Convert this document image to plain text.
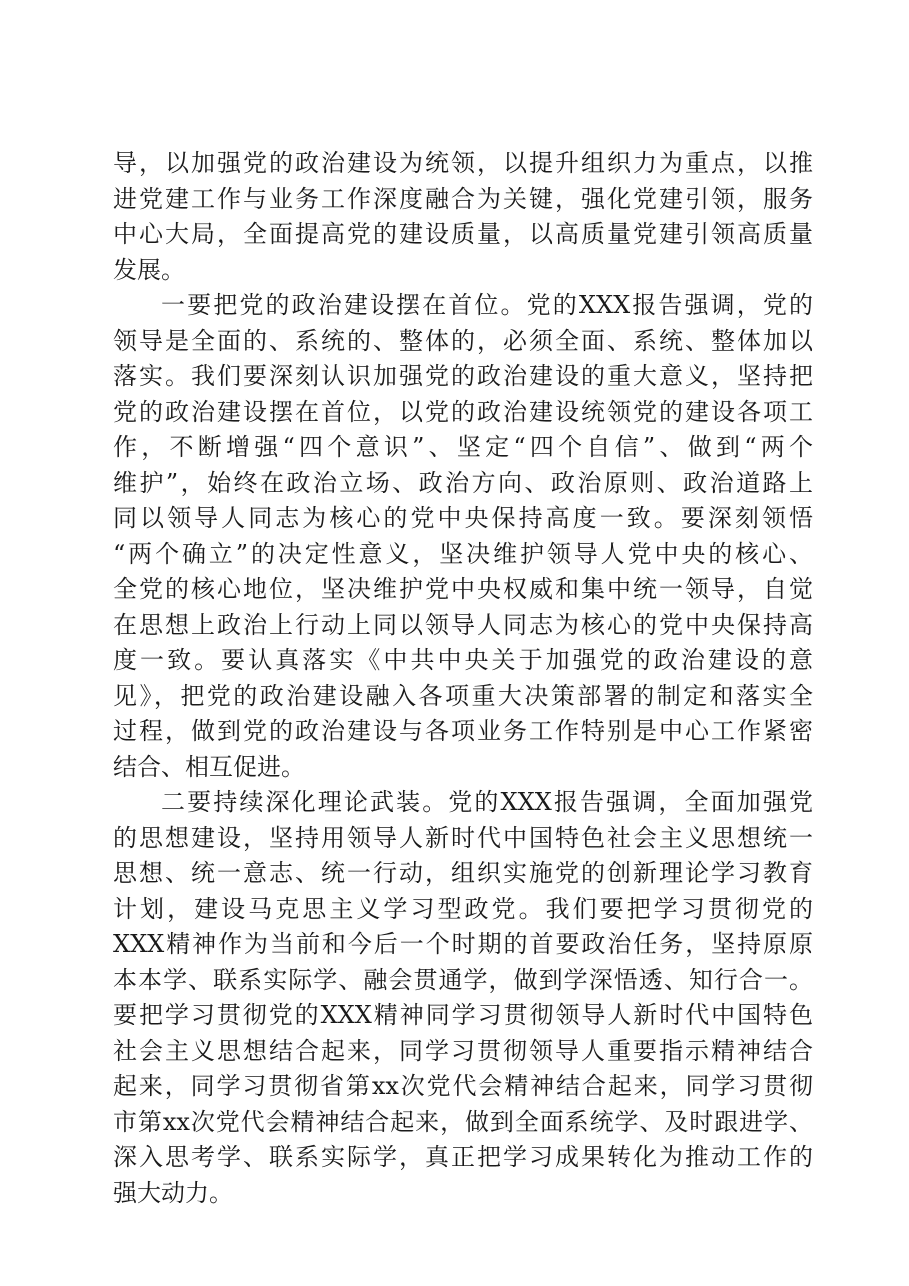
导，以加强党的政治建设为统领，以提升组织力为重点，以推
进党建工作与业务工作深度融合为关键，强化党建引领，服务
中心大局，全面提高党的建设质量，以高质量党建引领高质量
发展。
一要把党的政治建设摆在首位。党的XXX报告强调，党的
领导是全面的、系统的、整体的，必须全面、系统、整体加以
落实。我们要深刻认识加强党的政治建设的重大意义，坚持把
党的政治建设摆在首位，以党的政治建设统领党的建设各项工
作，不断增强“四个意识”、坚定“四个自信”、做到“两个
维护”，始终在政治立场、政治方向、政治原则、政治道路上
同以领导人同志为核心的党中央保持高度一致。要深刻领悟
“两个确立”的决定性意义，坚决维护领导人党中央的核心、
全党的核心地位，坚决维护党中央权威和集中统一领导，自觉
在思想上政治上行动上同以领导人同志为核心的党中央保持高
度一致。要认真落实《中共中央关于加强党的政治建设的意
见》，把党的政治建设融入各项重大决策部署的制定和落实全
过程，做到党的政治建设与各项业务工作特别是中心工作紧密
结合、相互促进。
二要持续深化理论武装。党的XXX报告强调，全面加强党
的思想建设，坚持用领导人新时代中国特色社会主义思想统一
思想、统一意志、统一行动，组织实施党的创新理论学习教育
计划，建设马克思主义学习型政党。我们要把学习贯彻党的
XXX精神作为当前和今后一个时期的首要政治任务，坚持原原
本本学、联系实际学、融会贯通学，做到学深悟透、知行合一。
要把学习贯彻党的XXX精神同学习贯彻领导人新时代中国特色
社会主义思想结合起来，同学习贯彻领导人重要指示精神结合
起来，同学习贯彻省第xx次党代会精神结合起来，同学习贯彻
市第xx次党代会精神结合起来，做到全面系统学、及时跟进学、
深入思考学、联系实际学，真正把学习成果转化为推动工作的
强大动力。
